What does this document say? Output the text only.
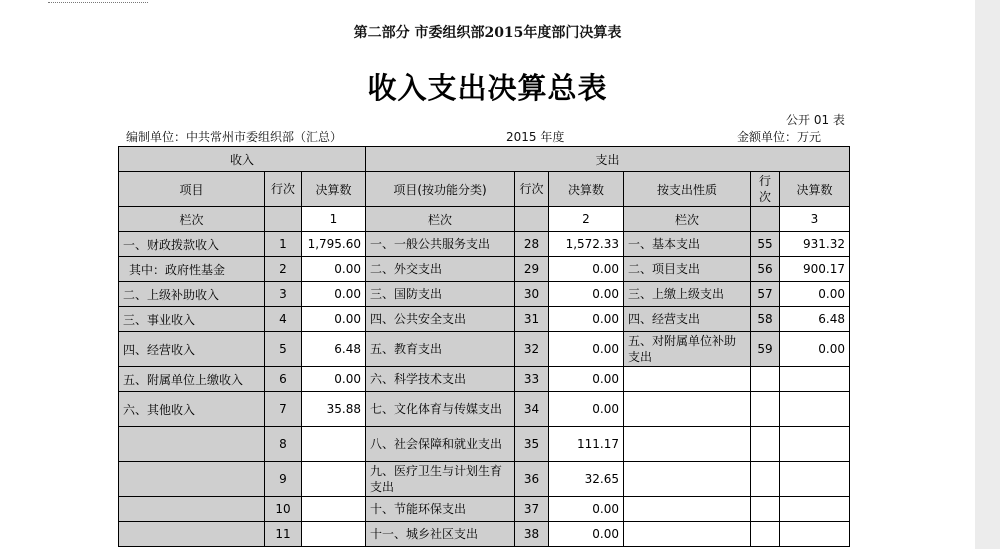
第二部分 市委组织部2015年度部门决算表
收入支出决算总表
公开 01 表
编制单位：中共常州市委组织部（汇总）	2015 年度	金额单位：万元
收入			支出					
项目	行次	决算数	项目(按功能分类)	行次	决算数	按支出性质	行次	决算数
栏次		1	栏次		2	栏次		3
一、财政拨款收入	1	1,795.60	一、一般公共服务支出	28	1,572.33	一、基本支出	55	931.32
其中：政府性基金	2	0.00	二、外交支出	29	0.00	二、项目支出	56	900.17
二、上级补助收入	3	0.00	三、国防支出	30	0.00	三、上缴上级支出	57	0.00
三、事业收入	4	0.00	四、公共安全支出	31	0.00	四、经营支出	58	6.48
四、经营收入	5	6.48	五、教育支出	32	0.00	五、对附属单位补助支出	59	0.00
五、附属单位上缴收入	6	0.00	六、科学技术支出	33	0.00			
六、其他收入	7	35.88	七、文化体育与传媒支出	34	0.00			
	8		八、社会保障和就业支出	35	111.17			
	9		九、医疗卫生与计划生育支出	36	32.65			
	10		十、节能环保支出	37	0.00			
	11		十一、城乡社区支出	38	0.00			
